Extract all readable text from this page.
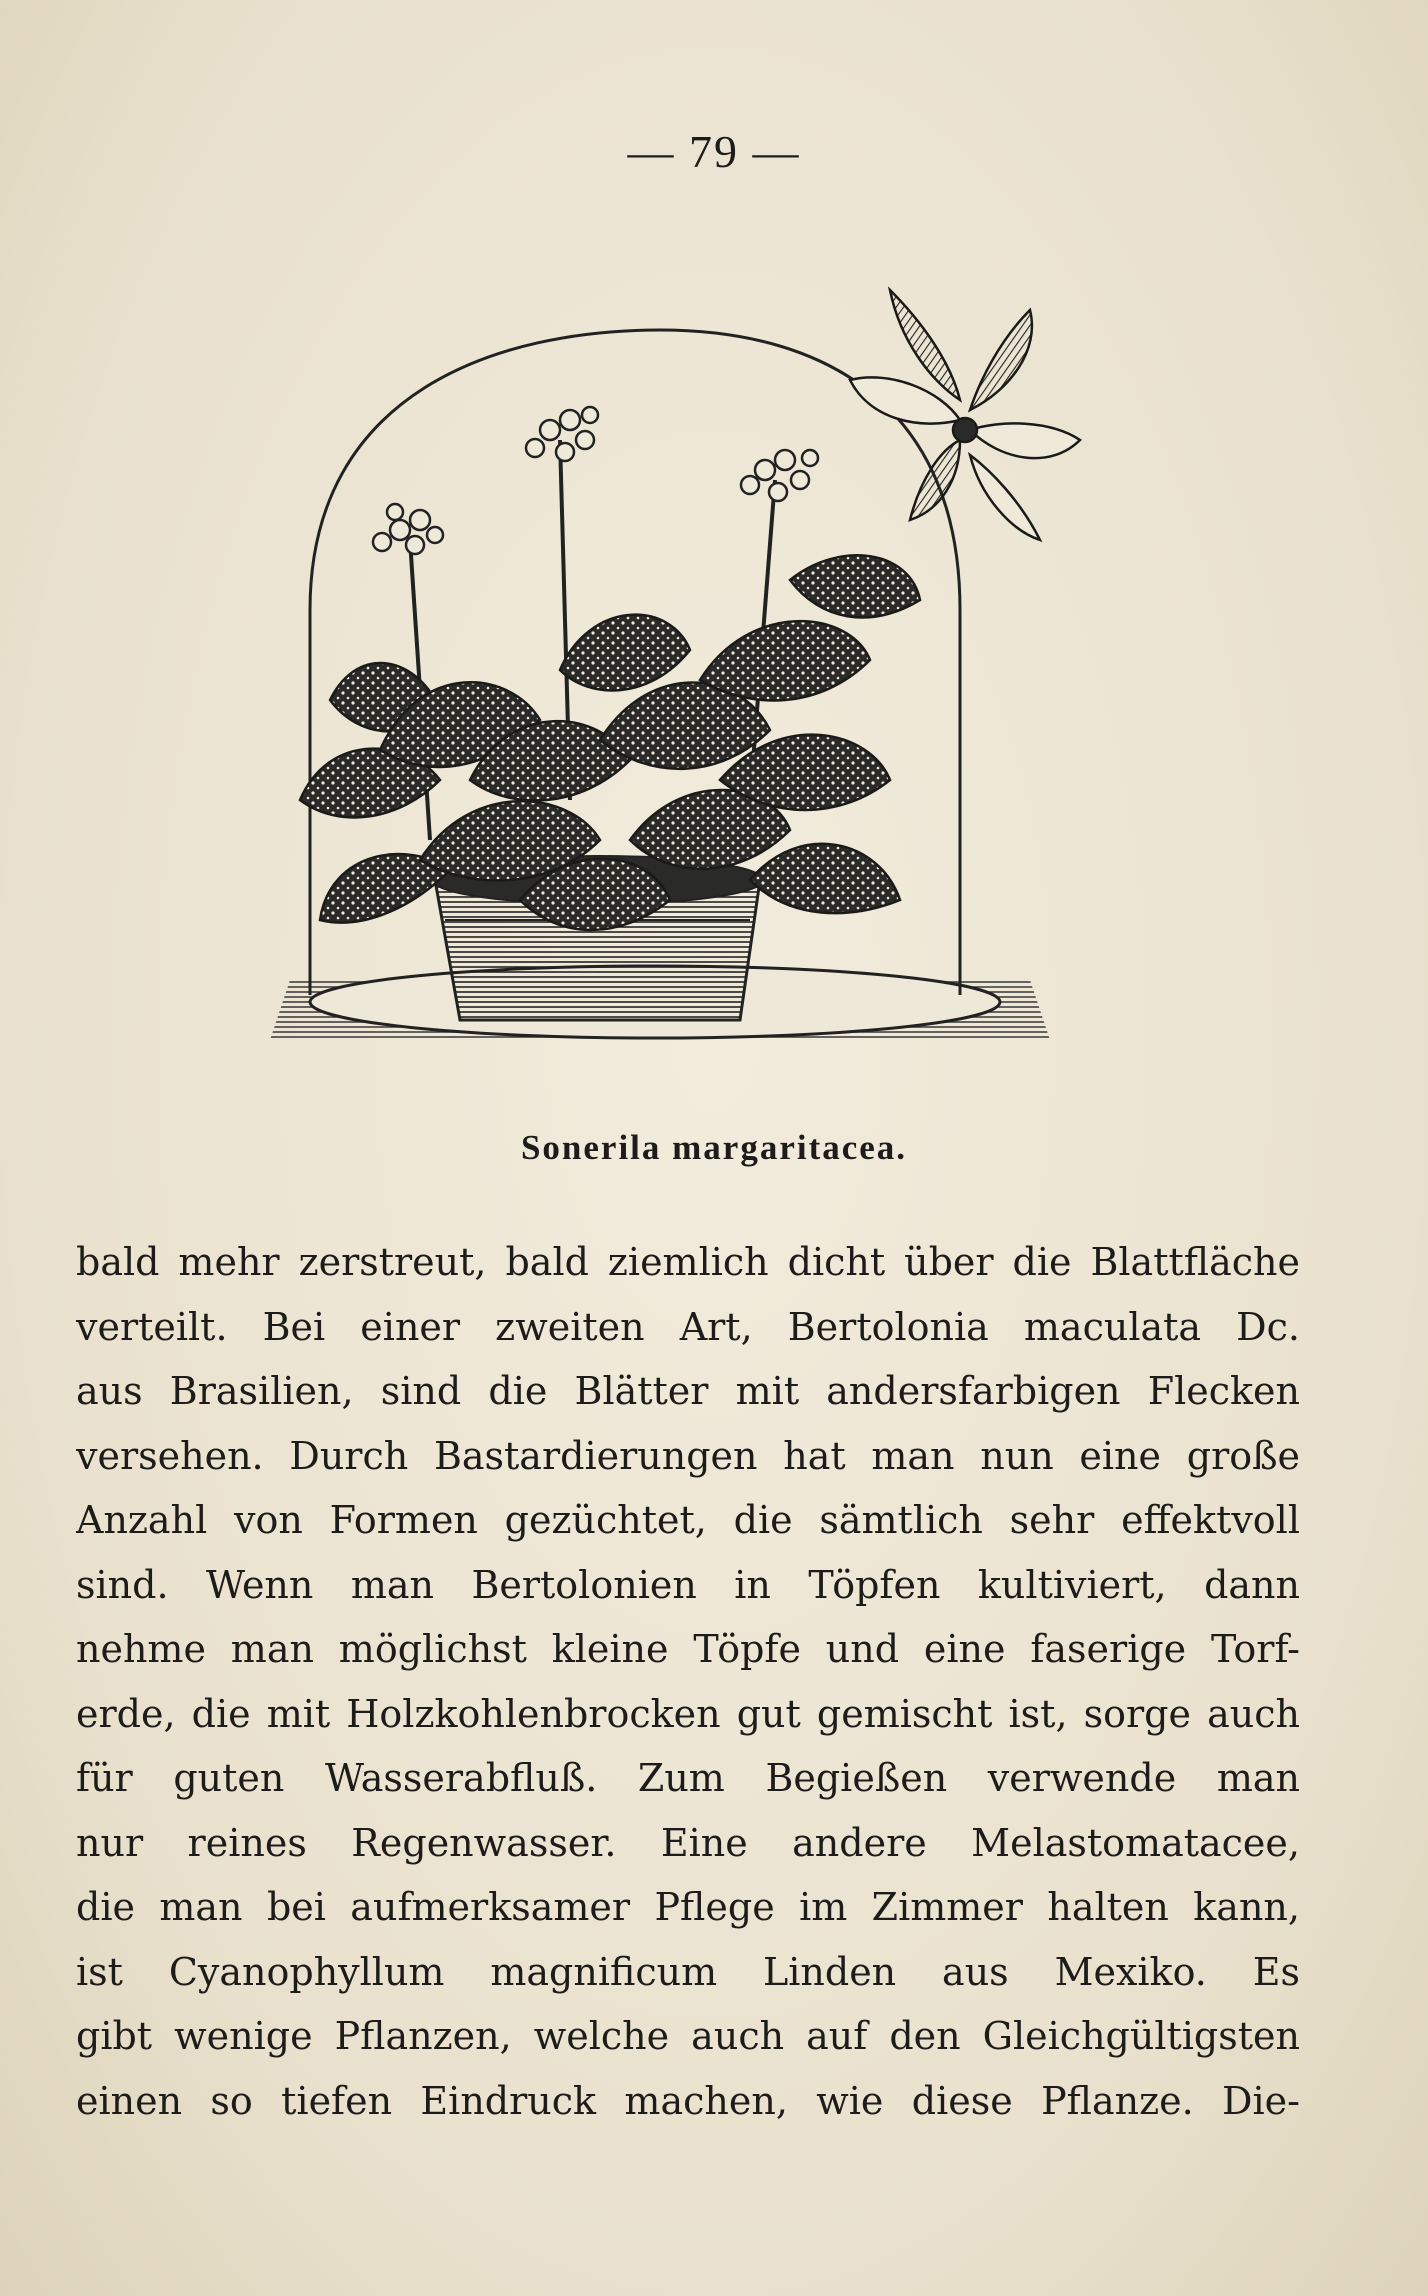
— 79 —
Sonerila margaritacea.
bald mehr zerstreut, bald ziemlich dicht über die Blattfläche
verteilt. Bei einer zweiten Art, Bertolonia maculata Dc.
aus Brasilien, sind die Blätter mit andersfarbigen Flecken
versehen. Durch Bastardierungen hat man nun eine große
Anzahl von Formen gezüchtet, die sämtlich sehr effektvoll
sind. Wenn man Bertolonien in Töpfen kultiviert, dann
nehme man möglichst kleine Töpfe und eine faserige Torf-
erde, die mit Holzkohlenbrocken gut gemischt ist, sorge auch
für guten Wasserabfluß. Zum Begießen verwende man
nur reines Regenwasser. Eine andere Melastomatacee,
die man bei aufmerksamer Pflege im Zimmer halten kann,
ist Cyanophyllum magnificum Linden aus Mexiko. Es
gibt wenige Pflanzen, welche auch auf den Gleichgültigsten
einen so tiefen Eindruck machen, wie diese Pflanze. Die-
